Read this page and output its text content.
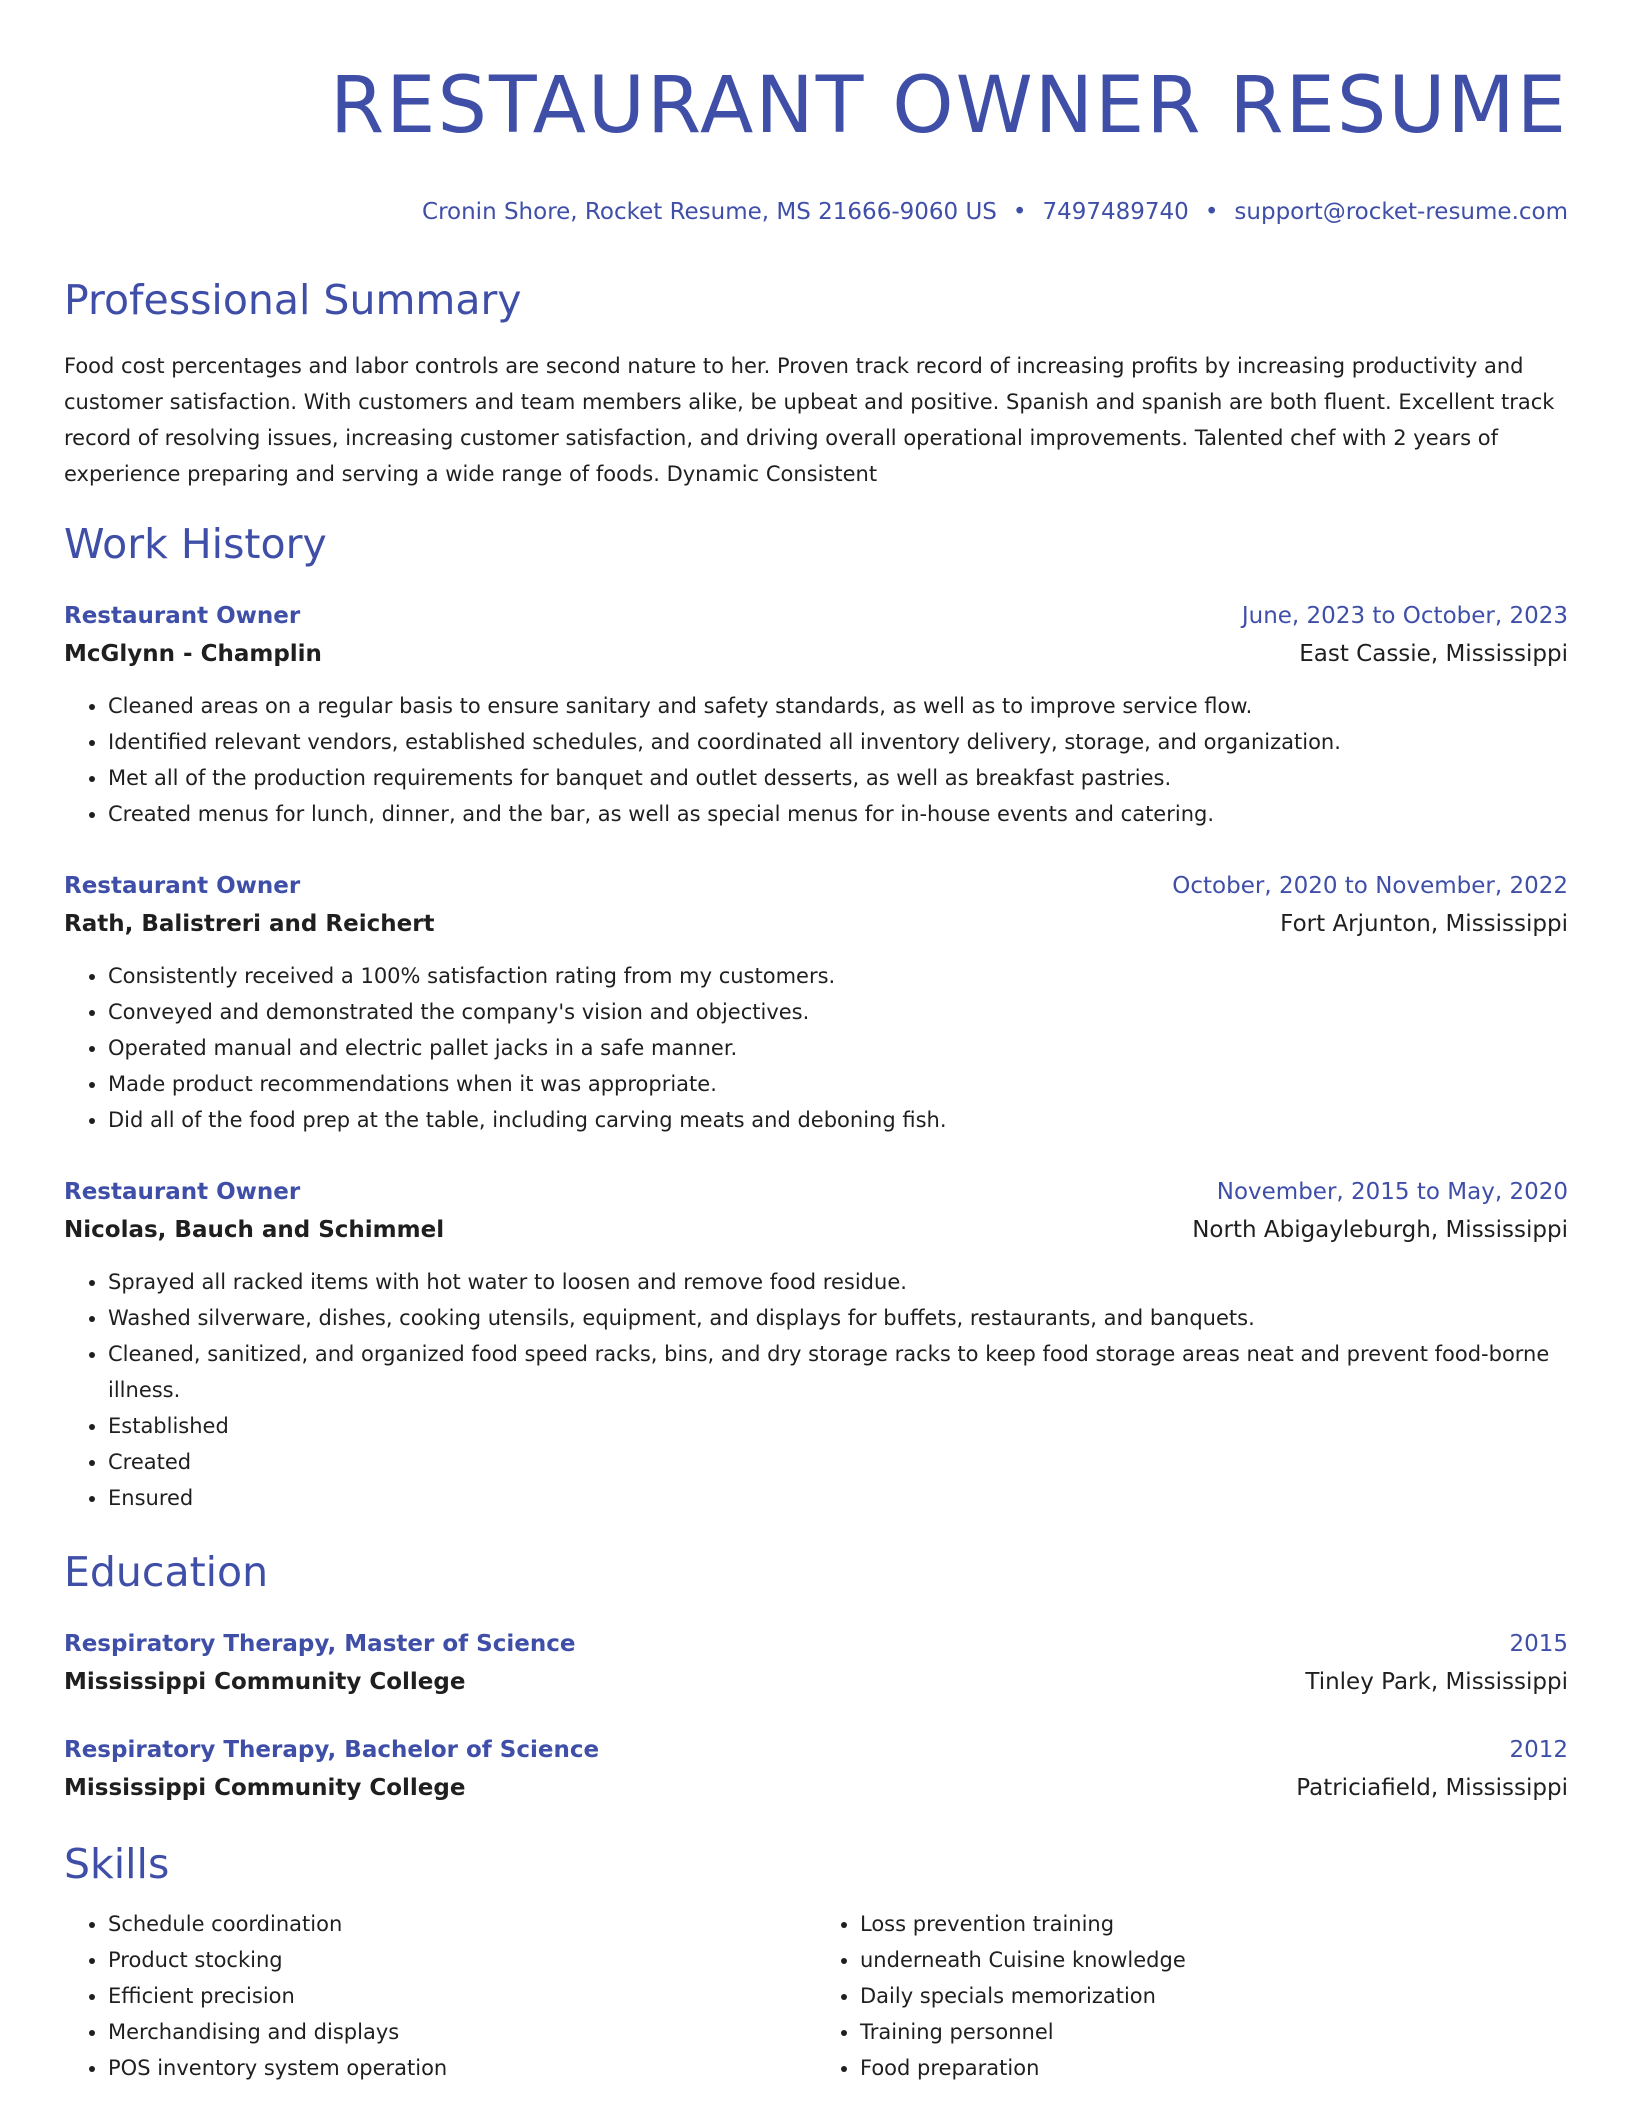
RESTAURANT OWNER RESUME
Cronin Shore, Rocket Resume, MS 21666-9060 US • 7497489740 • support@rocket-resume.com
Professional Summary
Food cost percentages and labor controls are second nature to her. Proven track record of increasing profits by increasing productivity and customer satisfaction. With customers and team members alike, be upbeat and positive. Spanish and spanish are both fluent. Excellent track record of resolving issues, increasing customer satisfaction, and driving overall operational improvements. Talented chef with 2 years of experience preparing and serving a wide range of foods. Dynamic Consistent
Work History
Restaurant Owner	June, 2023 to October, 2023
McGlynn - Champlin	East Cassie, Mississippi
• Cleaned areas on a regular basis to ensure sanitary and safety standards, as well as to improve service flow.
• Identified relevant vendors, established schedules, and coordinated all inventory delivery, storage, and organization.
• Met all of the production requirements for banquet and outlet desserts, as well as breakfast pastries.
• Created menus for lunch, dinner, and the bar, as well as special menus for in-house events and catering.
Restaurant Owner	October, 2020 to November, 2022
Rath, Balistreri and Reichert	Fort Arjunton, Mississippi
• Consistently received a 100% satisfaction rating from my customers.
• Conveyed and demonstrated the company's vision and objectives.
• Operated manual and electric pallet jacks in a safe manner.
• Made product recommendations when it was appropriate.
• Did all of the food prep at the table, including carving meats and deboning fish.
Restaurant Owner	November, 2015 to May, 2020
Nicolas, Bauch and Schimmel	North Abigayleburgh, Mississippi
• Sprayed all racked items with hot water to loosen and remove food residue.
• Washed silverware, dishes, cooking utensils, equipment, and displays for buffets, restaurants, and banquets.
• Cleaned, sanitized, and organized food speed racks, bins, and dry storage racks to keep food storage areas neat and prevent food-borne illness.
• Established
• Created
• Ensured
Education
Respiratory Therapy, Master of Science	2015
Mississippi Community College	Tinley Park, Mississippi
Respiratory Therapy, Bachelor of Science	2012
Mississippi Community College	Patriciafield, Mississippi
Skills
• Schedule coordination
• Product stocking
• Efficient precision
• Merchandising and displays
• POS inventory system operation
• Loss prevention training
• underneath Cuisine knowledge
• Daily specials memorization
• Training personnel
• Food preparation
